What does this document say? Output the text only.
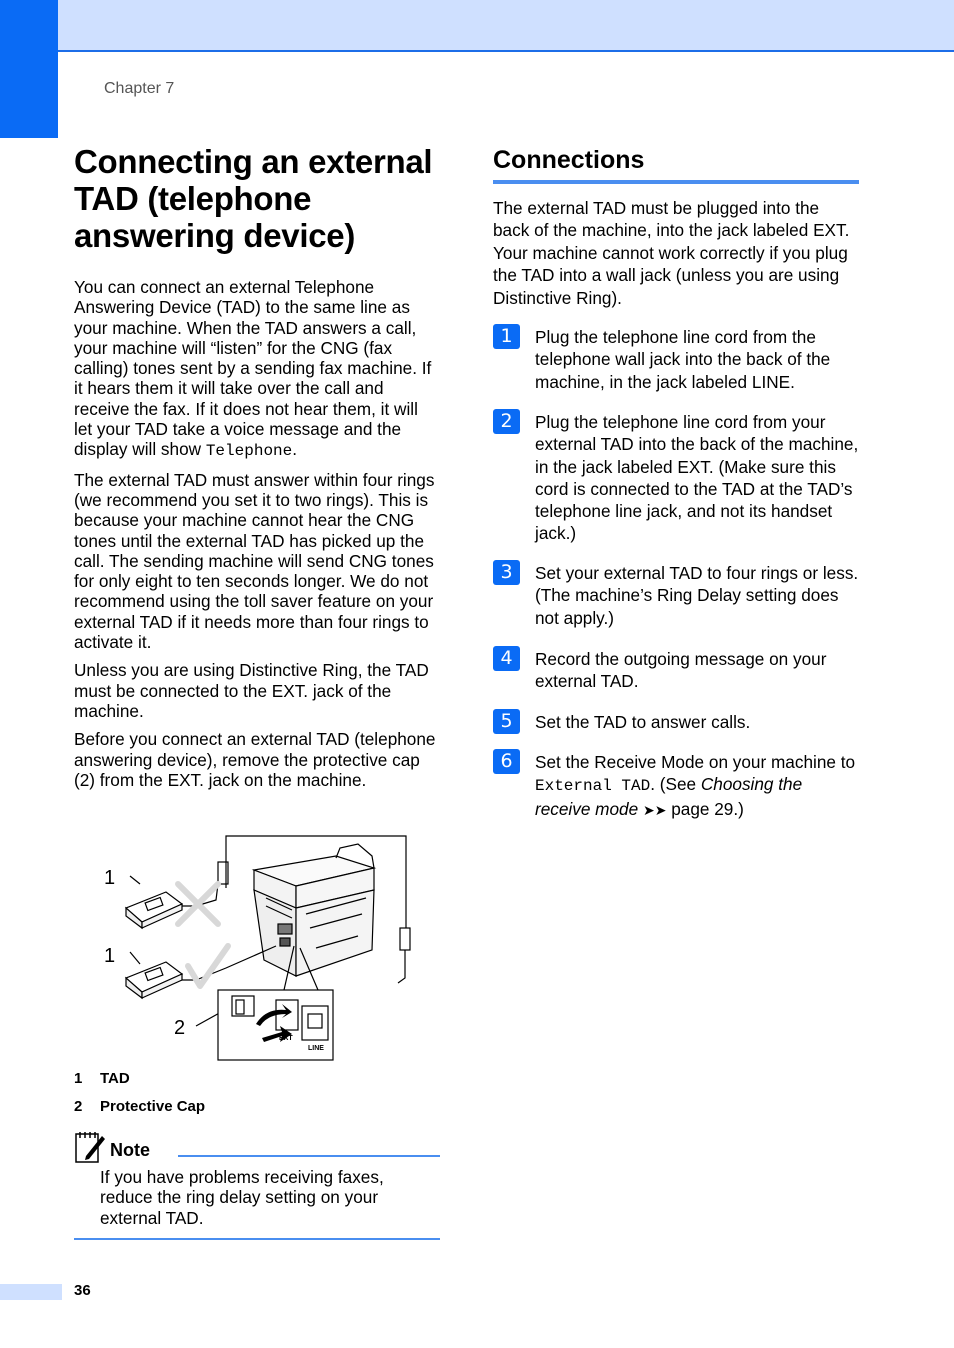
Chapter 7
Connecting an external TAD (telephone answering device)

You can connect an external Telephone Answering Device (TAD) to the same line as your machine. When the TAD answers a call, your machine will “listen” for the CNG (fax calling) tones sent by a sending fax machine. If it hears them it will take over the call and receive the fax. If it does not hear them, it will let your TAD take a voice message and the display will show Telephone.

The external TAD must answer within four rings (we recommend you set it to two rings). This is because your machine cannot hear the CNG tones until the external TAD has picked up the call. The sending machine will send CNG tones for only eight to ten seconds longer. We do not recommend using the toll saver feature on your external TAD if it needs more than four rings to activate it.

Unless you are using Distinctive Ring, the TAD must be connected to the EXT. jack of the machine.

Before you connect an external TAD (telephone answering device), remove the protective cap (2) from the EXT. jack on the machine.

1
1
2	EXT
LINE
1	TAD
2	Protective Cap
Note
If you have problems receiving faxes, reduce the ring delay setting on your external TAD.
Connections

The external TAD must be plugged into the back of the machine, into the jack labeled EXT. Your machine cannot work correctly if you plug the TAD into a wall jack (unless you are using Distinctive Ring).

1	Plug the telephone line cord from the telephone wall jack into the back of the machine, in the jack labeled LINE.
2	Plug the telephone line cord from your external TAD into the back of the machine, in the jack labeled EXT. (Make sure this cord is connected to the TAD at the TAD’s telephone line jack, and not its handset jack.)
3	Set your external TAD to four rings or less. (The machine’s Ring Delay setting does not apply.)
4	Record the outgoing message on your external TAD.
5	Set the TAD to answer calls.
6	Set the Receive Mode on your machine to External TAD. (See Choosing the receive mode ➤➤ page 29.)
36
